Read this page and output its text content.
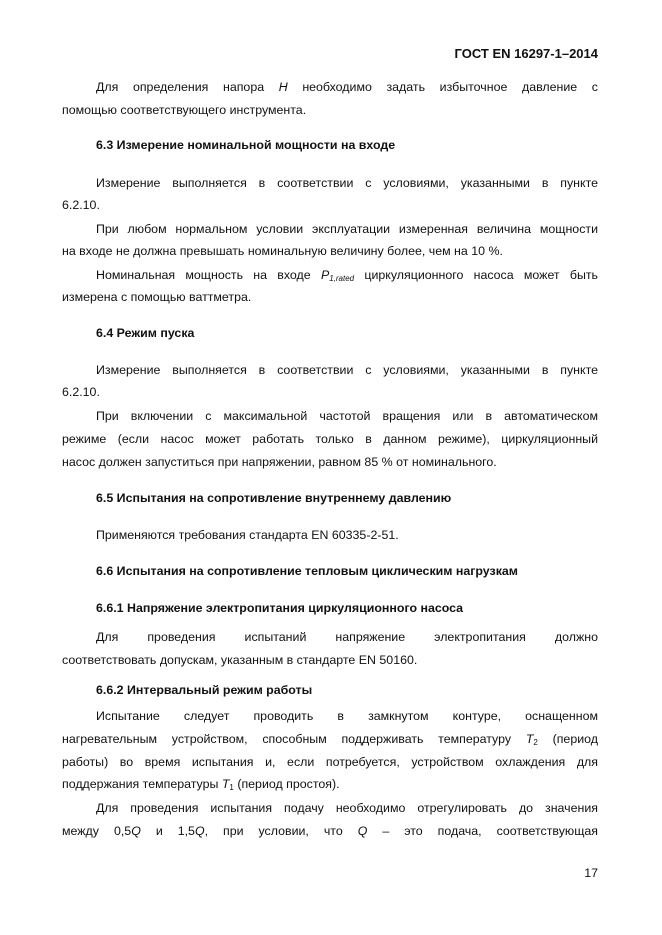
ГОСТ EN 16297-1–2014
Для определения напора H необходимо задать избыточное давление с
помощью соответствующего инструмента.
6.3 Измерение номинальной мощности на входе
Измерение выполняется в соответствии с условиями, указанными в пункте
6.2.10.
При любом нормальном условии эксплуатации измеренная величина мощности
на входе не должна превышать номинальную величину более, чем на 10 %.
Номинальная мощность на входе $P_{1,rated}$ циркуляционного насоса может быть
измерена с помощью ваттметра.
6.4 Режим пуска
Измерение выполняется в соответствии с условиями, указанными в пункте
6.2.10.
При включении с максимальной частотой вращения или в автоматическом
режиме (если насос может работать только в данном режиме), циркуляционный
насос должен запуститься при напряжении, равном 85 % от номинального.
6.5 Испытания на сопротивление внутреннему давлению
Применяются требования стандарта EN 60335-2-51.
6.6 Испытания на сопротивление тепловым циклическим нагрузкам
6.6.1 Напряжение электропитания циркуляционного насоса
Для проведения испытаний напряжение электропитания должно
соответствовать допускам, указанным в стандарте EN 50160.
6.6.2 Интервальный режим работы
Испытание следует проводить в замкнутом контуре, оснащенном
нагревательным устройством, способным поддерживать температуру $T_2$ (период
работы) во время испытания и, если потребуется, устройством охлаждения для
поддержания температуры $T_1$ (период простоя).
Для проведения испытания подачу необходимо отрегулировать до значения
между 0,5Q и 1,5Q, при условии, что Q – это подача, соответствующая
17
